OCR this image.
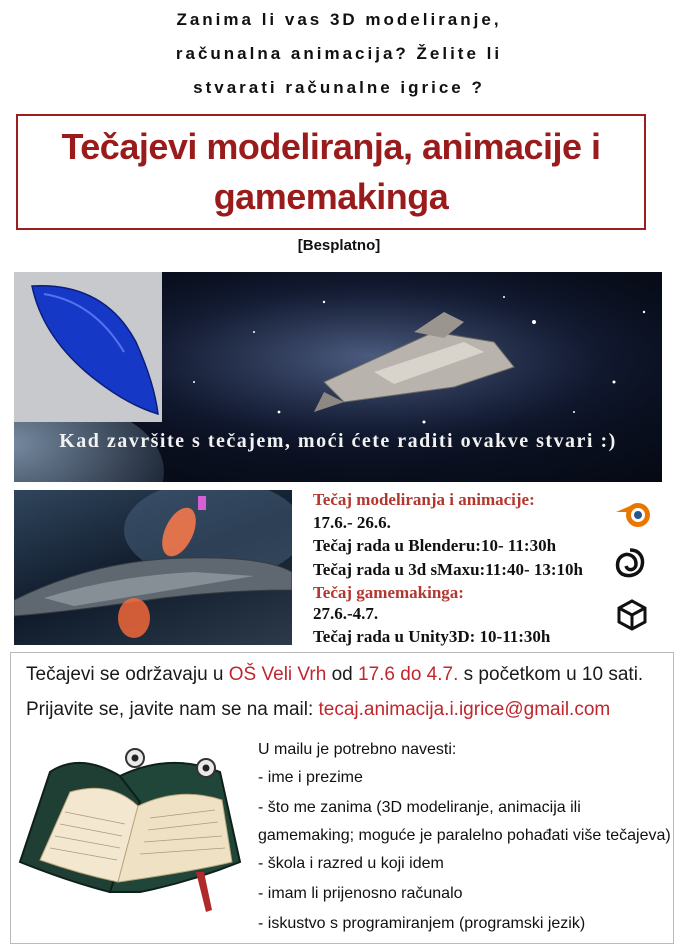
Zanima li vas 3D modeliranje,
računalna animacija? Želite li
stvarati računalne igrice ?
Tečajevi modeliranja, animacije i
gamemakinga
[Besplatno]
Kad završite s tečajem, moći ćete raditi ovakve stvari :)
Tečaj modeliranja i animacije:
17.6.- 26.6.
Tečaj rada u Blenderu:10- 11:30h
Tečaj rada u 3d sMaxu:11:40- 13:10h
Tečaj gamemakinga:
27.6.-4.7.
Tečaj rada u Unity3D: 10-11:30h
Tečajevi se održavaju u OŠ Veli Vrh od 17.6 do 4.7. s početkom u 10 sati.
Prijavite se, javite nam se na mail: tecaj.animacija.i.igrice@gmail.com
U mailu je potrebno navesti:
- ime i prezime
- što me zanima (3D modeliranje, animacija ili
gamemaking; moguće je paralelno pohađati više tečajeva)
- škola i razred u koji idem
- imam li prijenosno računalo
- iskustvo s programiranjem (programski jezik)
